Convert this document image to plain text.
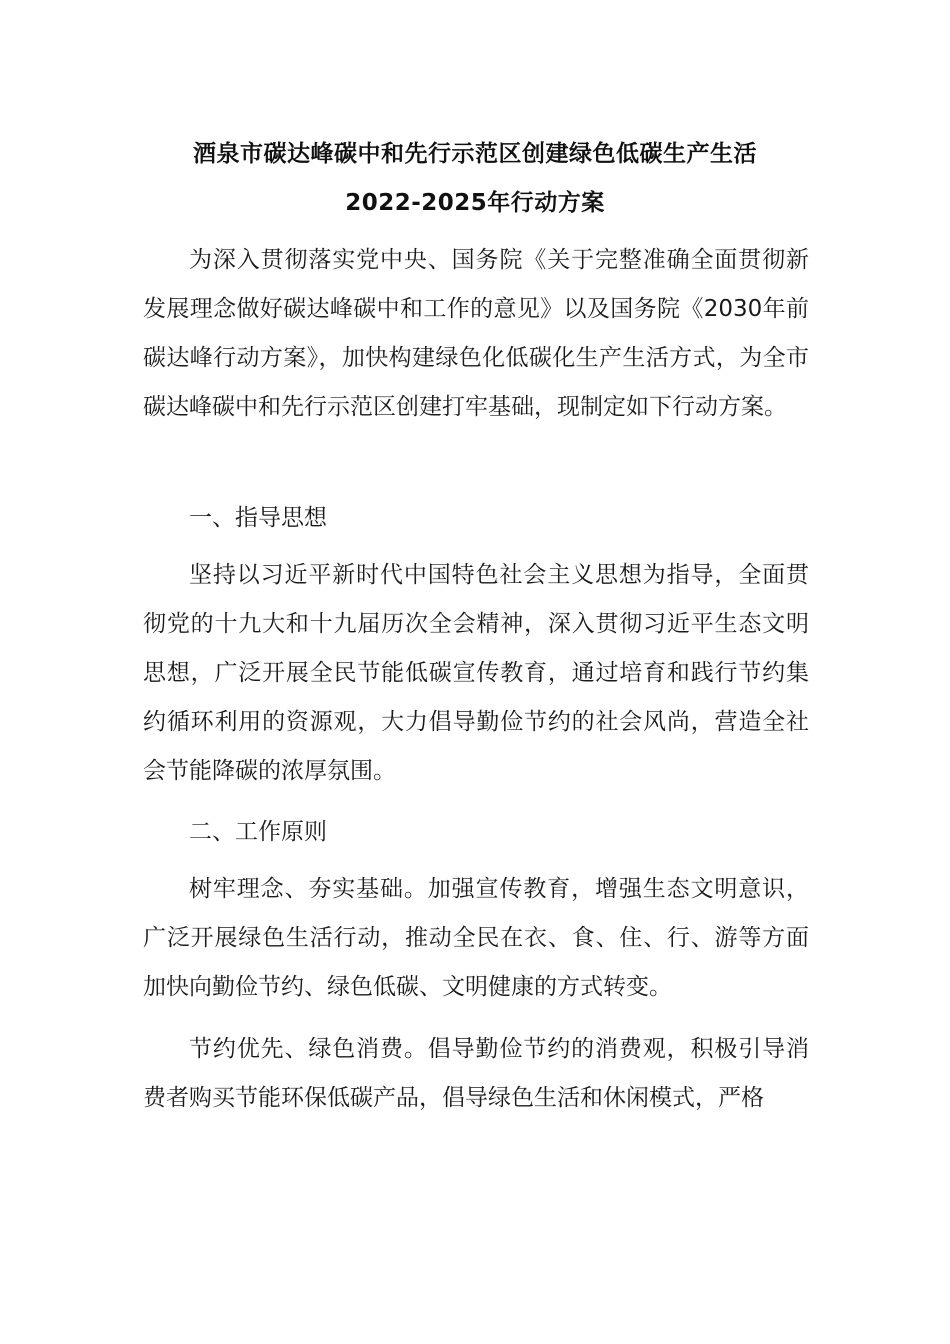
酒泉市碳达峰碳中和先行示范区创建绿色低碳生产生活
2022-2025年行动方案

为深入贯彻落实党中央、国务院《关于完整准确全面贯彻新发展理念做好碳达峰碳中和工作的意见》以及国务院《2030年前碳达峰行动方案》，加快构建绿色化低碳化生产生活方式，为全市碳达峰碳中和先行示范区创建打牢基础，现制定如下行动方案。

一、指导思想

坚持以习近平新时代中国特色社会主义思想为指导，全面贯彻党的十九大和十九届历次全会精神，深入贯彻习近平生态文明思想，广泛开展全民节能低碳宣传教育，通过培育和践行节约集约循环利用的资源观，大力倡导勤俭节约的社会风尚，营造全社会节能降碳的浓厚氛围。

二、工作原则

树牢理念、夯实基础。加强宣传教育，增强生态文明意识，广泛开展绿色生活行动，推动全民在衣、食、住、行、游等方面加快向勤俭节约、绿色低碳、文明健康的方式转变。

节约优先、绿色消费。倡导勤俭节约的消费观，积极引导消费者购买节能环保低碳产品，倡导绿色生活和休闲模式，严格
